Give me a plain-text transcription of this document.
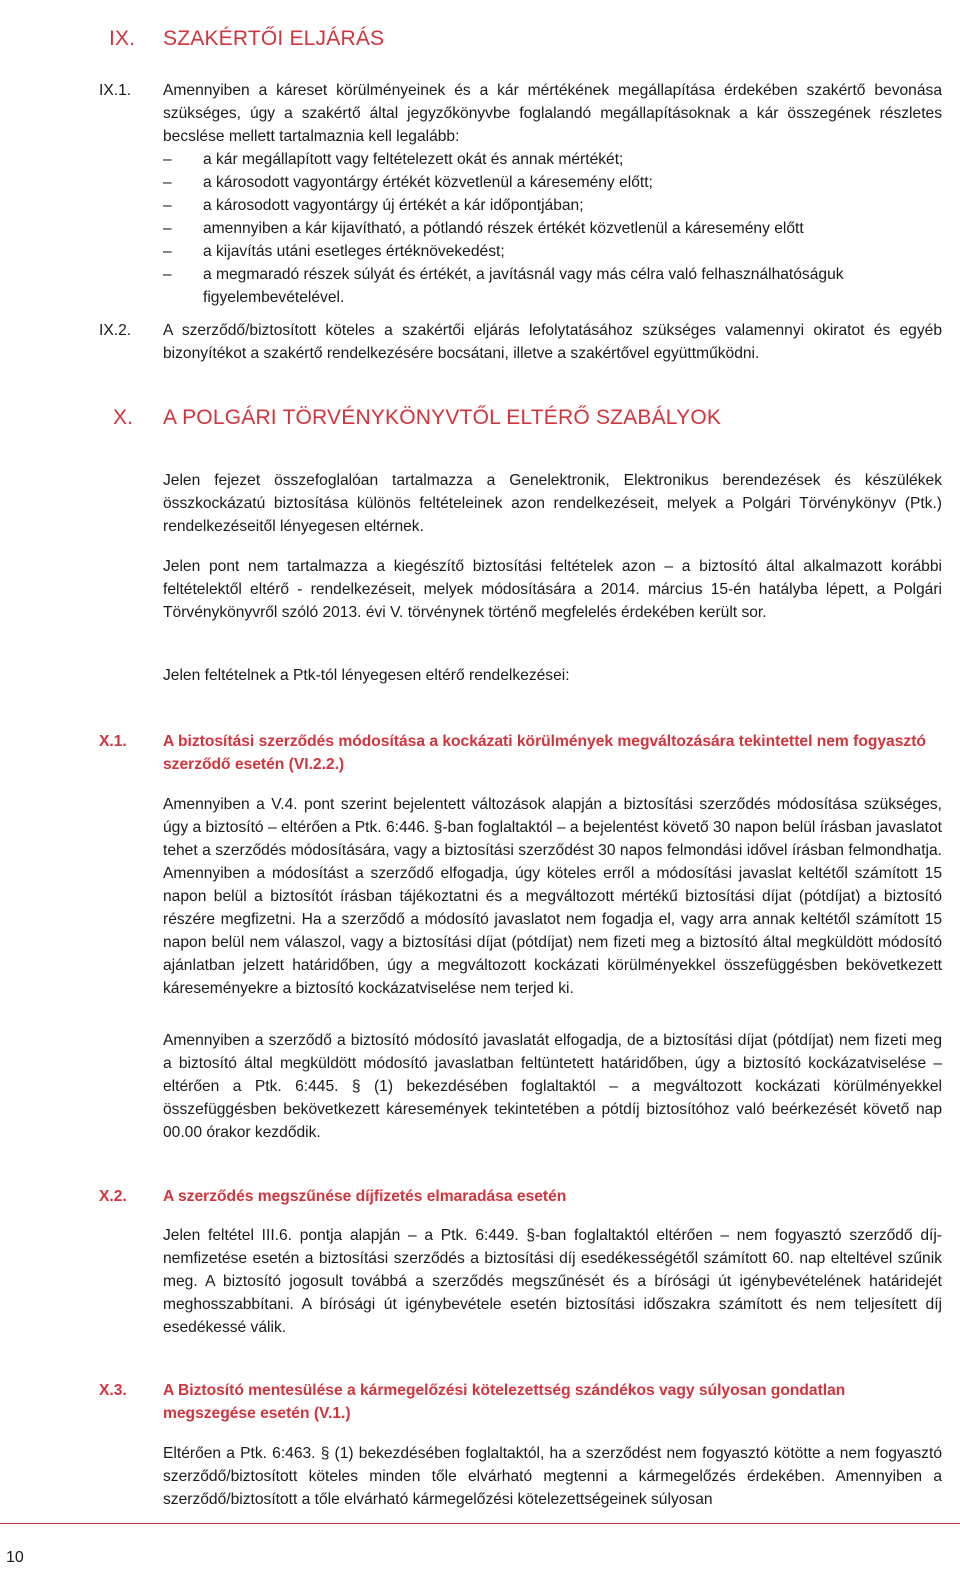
IX. SZAKÉRTŐI ELJÁRÁS
IX.1.	Amennyiben a káreset körülményeinek és a kár mértékének megállapítása érdekében szakértő bevonása szükséges, úgy a szakértő által jegyzőkönyvbe foglalandó megállapításoknak a kár összegének részletes becslése mellett tartalmaznia kell legalább:

–	a kár megállapított vagy feltételezett okát és annak mértékét;
–	a károsodott vagyontárgy értékét közvetlenül a káresemény előtt;
–	a károsodott vagyontárgy új értékét a kár időpontjában;
–	amennyiben a kár kijavítható, a pótlandó részek értékét közvetlenül a káresemény előtt
–	a kijavítás utáni esetleges értéknövekedést;
–	a megmaradó részek súlyát és értékét, a javításnál vagy más célra való felhasználhatóságuk figyelembevételével.
IX.2.	A szerződő/biztosított köteles a szakértői eljárás lefolytatásához szükséges valamennyi okiratot és egyéb bizonyítékot a szakértő rendelkezésére bocsátani, illetve a szakértővel együttműködni.

X. A POLGÁRI TÖRVÉNYKÖNYVTŐL ELTÉRŐ SZABÁLYOK

Jelen fejezet összefoglalóan tartalmazza a Genelektronik, Elektronikus berendezések és készülékek összkockázatú biztosítása különös feltételeinek azon rendelkezéseit, melyek a Polgári Törvénykönyv (Ptk.) rendelkezéseitől lényegesen eltérnek.

Jelen pont nem tartalmazza a kiegészítő biztosítási feltételek azon – a biztosító által alkalmazott korábbi feltételektől eltérő - rendelkezéseit, melyek módosítására a 2014. március 15-én hatályba lépett, a Polgári Törvénykönyvről szóló 2013. évi V. törvénynek történő megfelelés érdekében került sor.

Jelen feltételnek a Ptk-tól lényegesen eltérő rendelkezései:

X.1.	A biztosítási szerződés módosítása a kockázati körülmények megváltozására tekintettel nem fogyasztó szerződő esetén (VI.2.2.)

Amennyiben a V.4. pont szerint bejelentett változások alapján a biztosítási szerződés módosítása szükséges, úgy a biztosító – eltérően a Ptk. 6:446. §-ban foglaltaktól – a bejelentést követő 30 napon belül írásban javaslatot tehet a szerződés módosítására, vagy a biztosítási szerződést 30 napos felmondási idővel írásban felmondhatja. Amennyiben a módosítást a szerződő elfogadja, úgy köteles erről a módosítási javaslat keltétől számított 15 napon belül a biztosítót írásban tájékoztatni és a megváltozott mértékű biztosítási díjat (pótdíjat) a biztosító részére megfizetni. Ha a szerződő a módosító javaslatot nem fogadja el, vagy arra annak keltétől számított 15 napon belül nem válaszol, vagy a biztosítási díjat (pótdíjat) nem fizeti meg a biztosító által megküldött módosító ajánlatban jelzett határidőben, úgy a megváltozott kockázati körülményekkel összefüggésben bekövetkezett káreseményekre a biztosító kockázatviselése nem terjed ki.

Amennyiben a szerződő a biztosító módosító javaslatát elfogadja, de a biztosítási díjat (pótdíjat) nem fizeti meg a biztosító által megküldött módosító javaslatban feltüntetett határidőben, úgy a biztosító kockázatviselése – eltérően a Ptk. 6:445. § (1) bekezdésében foglaltaktól – a megváltozott kockázati körülményekkel összefüggésben bekövetkezett káresemények tekintetében a pótdíj biztosítóhoz való beérkezését követő nap 00.00 órakor kezdődik.

X.2.	A szerződés megszűnése díjfizetés elmaradása esetén

Jelen feltétel III.6. pontja alapján – a Ptk. 6:449. §-ban foglaltaktól eltérően – nem fogyasztó szerződő díj-nemfizetése esetén a biztosítási szerződés a biztosítási díj esedékességétől számított 60. nap elteltével szűnik meg. A biztosító jogosult továbbá a szerződés megszűnését és a bírósági út igénybevételének határidejét meghosszabbítani. A bírósági út igénybevétele esetén biztosítási időszakra számított és nem teljesített díj esedékessé válik.

X.3.	A Biztosító mentesülése a kármegelőzési kötelezettség szándékos vagy súlyosan gondatlan megszegése esetén (V.1.)

Eltérően a Ptk. 6:463. § (1) bekezdésében foglaltaktól, ha a szerződést nem fogyasztó kötötte a nem fogyasztó szerződő/biztosított köteles minden tőle elvárható megtenni a kármegelőzés érdekében. Amennyiben a szerződő/biztosított a tőle elvárható kármegelőzési kötelezettségeinek súlyosan

10
